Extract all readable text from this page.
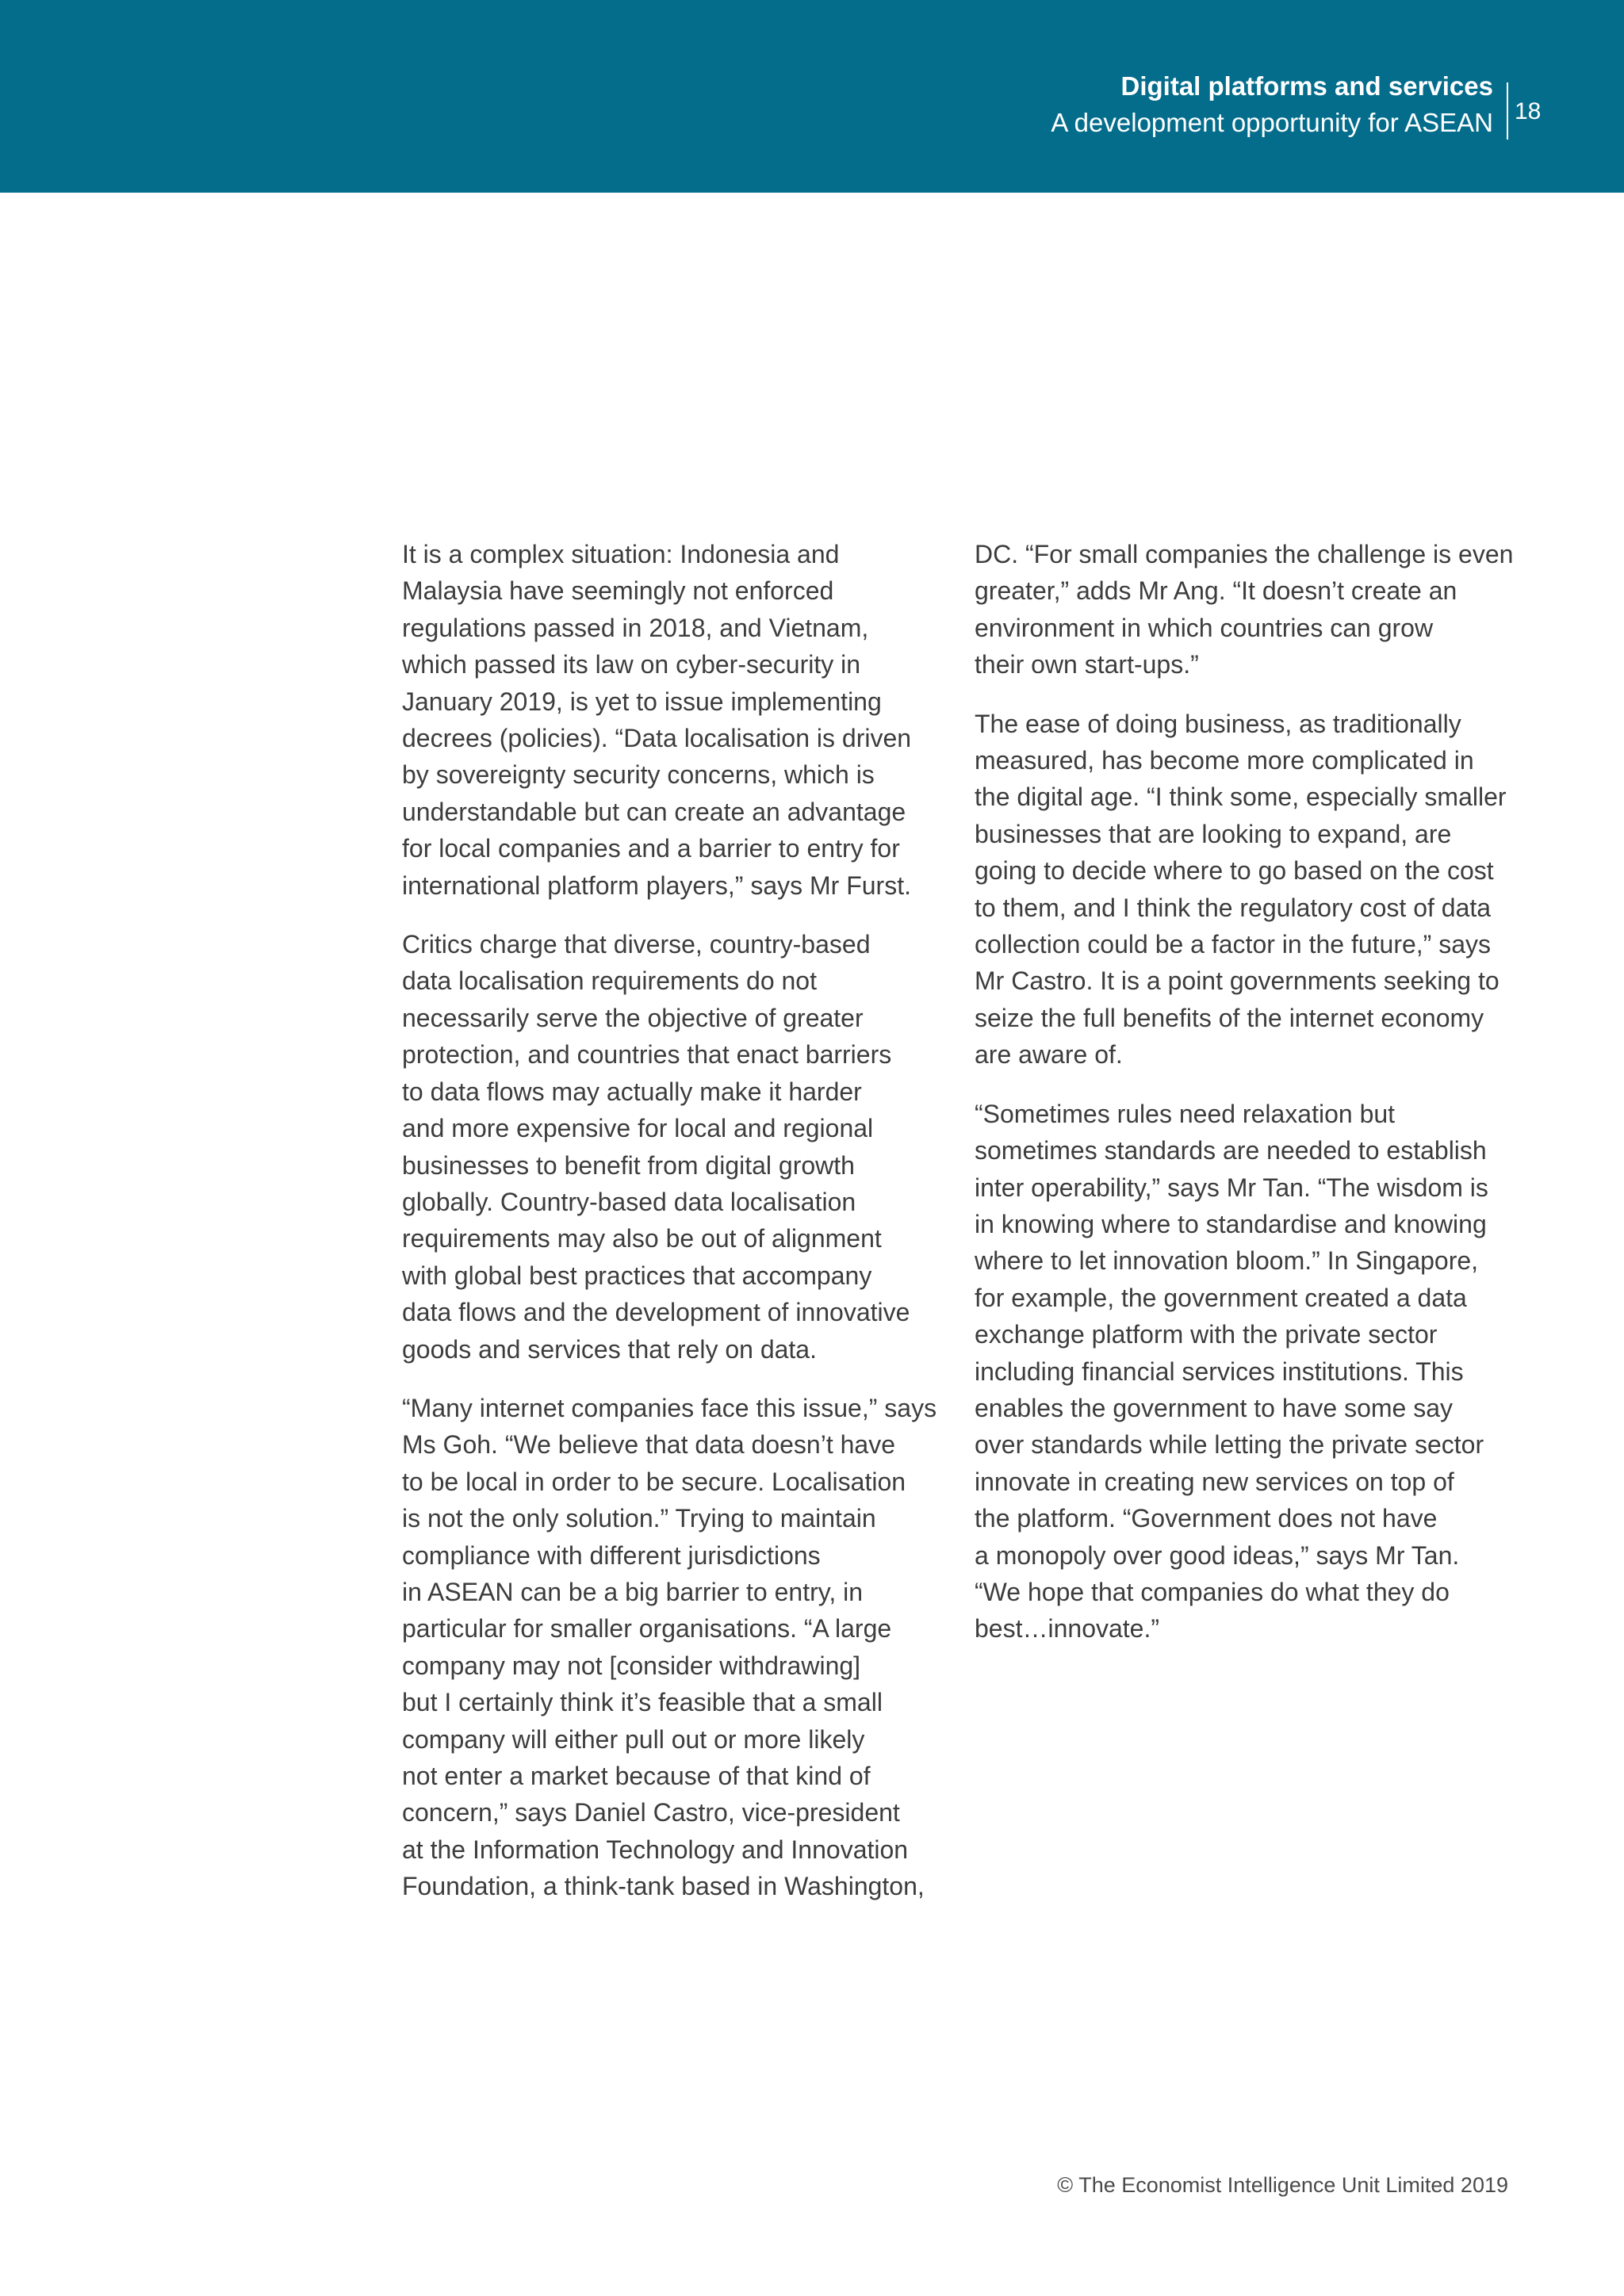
Digital platforms and services
A development opportunity for ASEAN 18

It is a complex situation: Indonesia and
Malaysia have seemingly not enforced
regulations passed in 2018, and Vietnam,
which passed its law on cyber-security in
January 2019, is yet to issue implementing
decrees (policies). “Data localisation is driven
by sovereignty security concerns, which is
understandable but can create an advantage
for local companies and a barrier to entry for
international platform players,” says Mr Furst.

Critics charge that diverse, country-based
data localisation requirements do not
necessarily serve the objective of greater
protection, and countries that enact barriers
to data flows may actually make it harder
and more expensive for local and regional
businesses to benefit from digital growth
globally. Country-based data localisation
requirements may also be out of alignment
with global best practices that accompany
data flows and the development of innovative
goods and services that rely on data.

“Many internet companies face this issue,” says
Ms Goh. “We believe that data doesn’t have
to be local in order to be secure. Localisation
is not the only solution.” Trying to maintain
compliance with different jurisdictions
in ASEAN can be a big barrier to entry, in
particular for smaller organisations. “A large
company may not [consider withdrawing]
but I certainly think it’s feasible that a small
company will either pull out or more likely
not enter a market because of that kind of
concern,” says Daniel Castro, vice-president
at the Information Technology and Innovation
Foundation, a think-tank based in Washington,

DC. “For small companies the challenge is even
greater,” adds Mr Ang. “It doesn’t create an
environment in which countries can grow
their own start-ups.”

The ease of doing business, as traditionally
measured, has become more complicated in
the digital age. “I think some, especially smaller
businesses that are looking to expand, are
going to decide where to go based on the cost
to them, and I think the regulatory cost of data
collection could be a factor in the future,” says
Mr Castro. It is a point governments seeking to
seize the full benefits of the internet economy
are aware of.

“Sometimes rules need relaxation but
sometimes standards are needed to establish
inter operability,” says Mr Tan. “The wisdom is
in knowing where to standardise and knowing
where to let innovation bloom.” In Singapore,
for example, the government created a data
exchange platform with the private sector
including financial services institutions. This
enables the government to have some say
over standards while letting the private sector
innovate in creating new services on top of
the platform. “Government does not have
a monopoly over good ideas,” says Mr Tan.
“We hope that companies do what they do
best…innovate.”

© The Economist Intelligence Unit Limited 2019
